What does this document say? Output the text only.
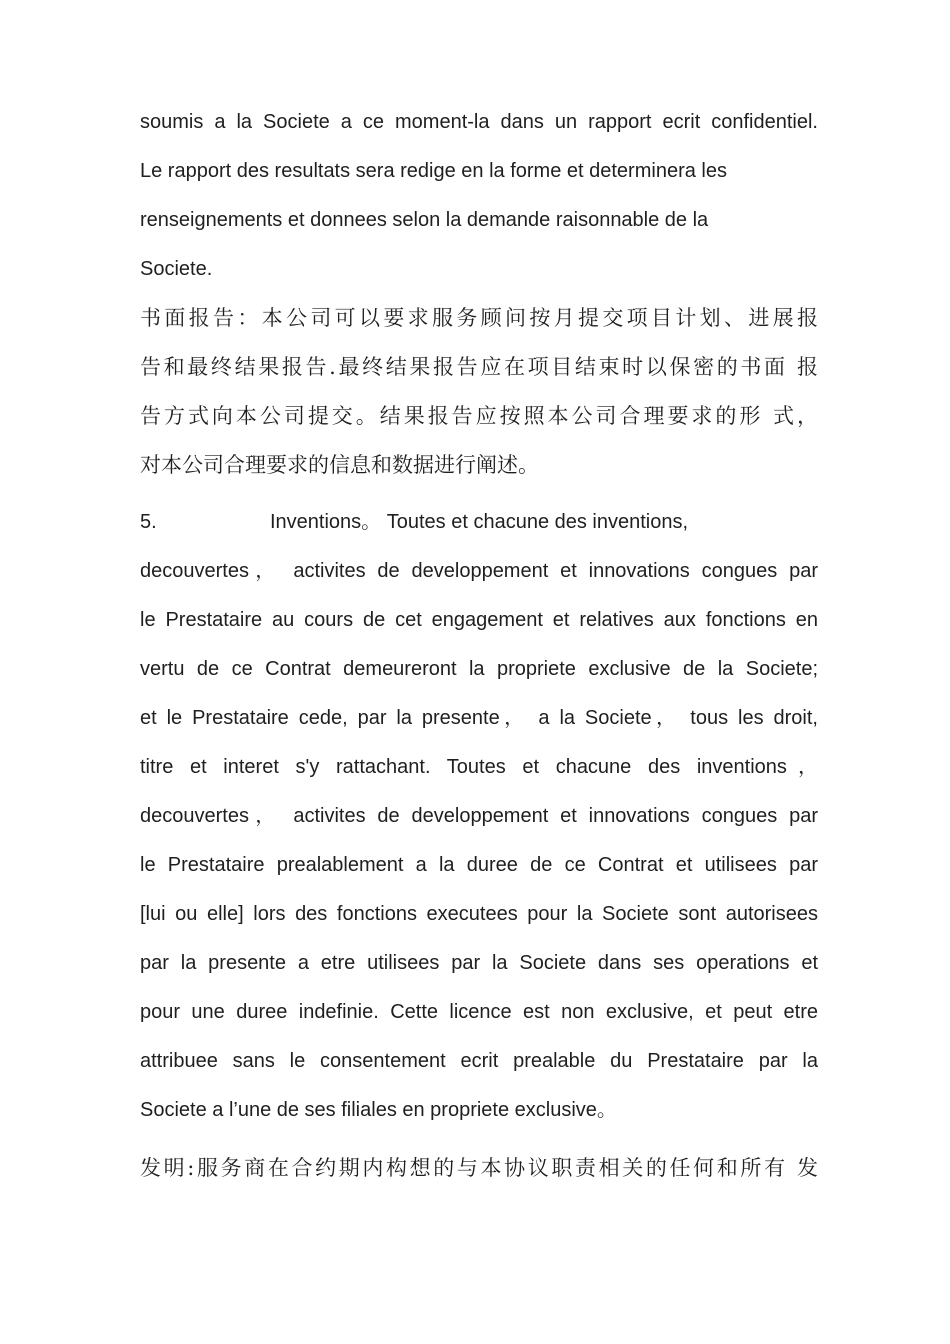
soumis a la Societe a ce moment-la dans un rapport ecrit confidentiel.
Le rapport des resultats sera redige en la forme et determinera les
renseignements et donnees selon la demande raisonnable de la
Societe.
书面报告：本公司可以要求服务顾问按月提交项目计划、进展报
告和最终结果报告.最终结果报告应在项目结束时以保密的书面 报
告方式向本公司提交。结果报告应按照本公司合理要求的形 式，
对本公司合理要求的信息和数据进行阐述。
5.	Inventions。 Toutes et chacune des inventions,
decouvertes， activites de developpement et innovations congues par
le Prestataire au cours de cet engagement et relatives aux fonctions en
vertu de ce Contrat demeureront la propriete exclusive de la Societe;
et le Prestataire cede, par la presente， a la Societe， tous les droit,
titre et interet s'y rattachant. Toutes et chacune des inventions，
decouvertes， activites de developpement et innovations congues par
le Prestataire prealablement a la duree de ce Contrat et utilisees par
[lui ou elle] lors des fonctions executees pour la Societe sont autorisees
par la presente a etre utilisees par la Societe dans ses operations et
pour une duree indefinie. Cette licence est non exclusive, et peut etre
attribuee sans le consentement ecrit prealable du Prestataire par la
Societe a l’une de ses filiales en propriete exclusive。
发明:服务商在合约期内构想的与本协议职责相关的任何和所有 发
